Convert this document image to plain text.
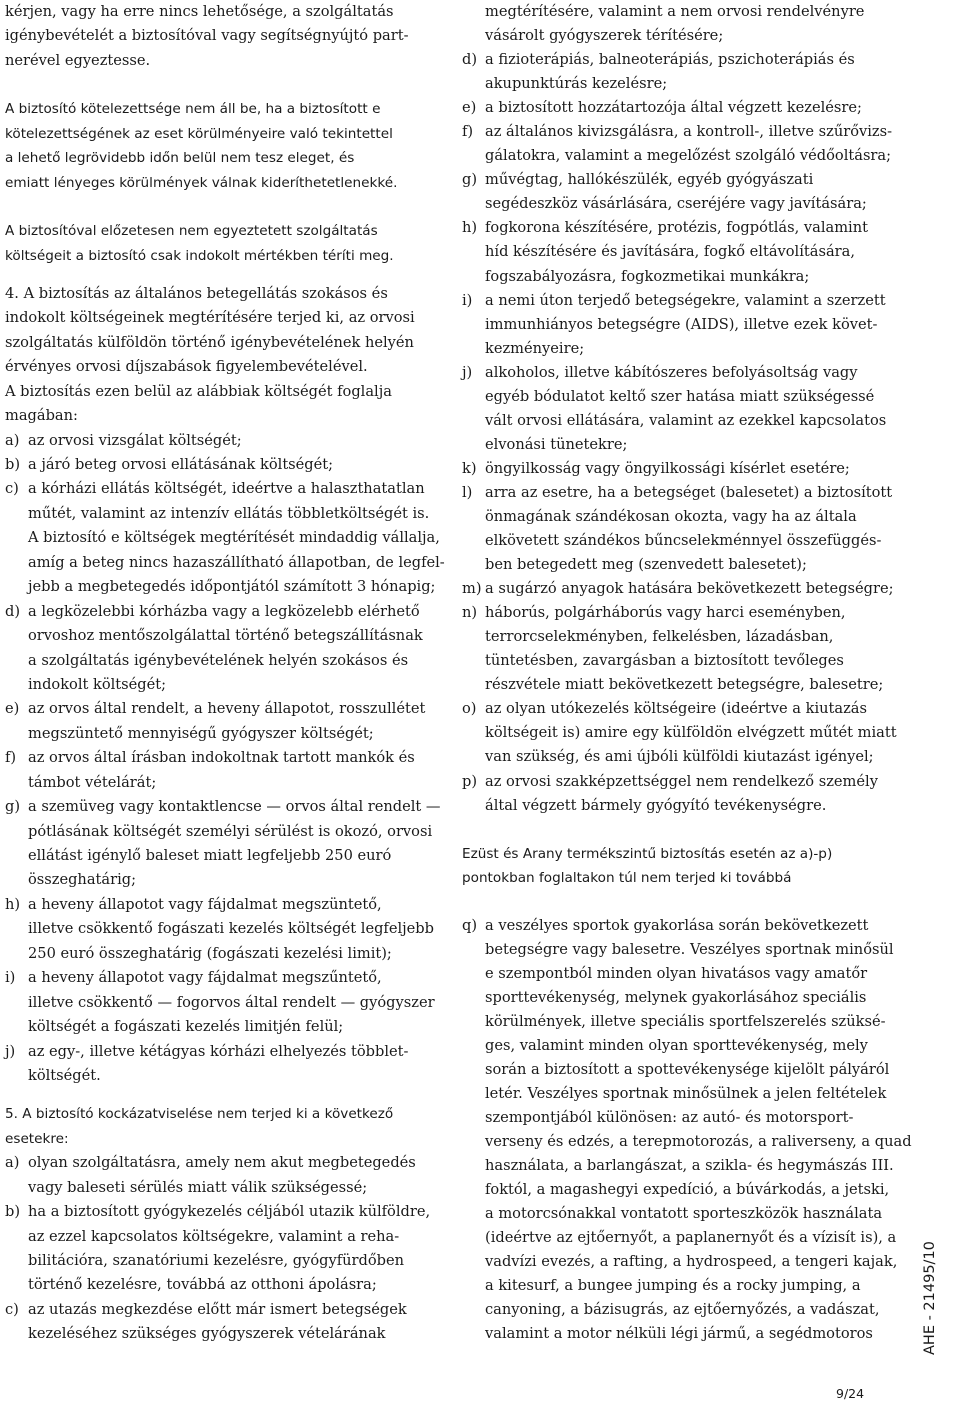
kérjen, vagy ha erre nincs lehetősége, a szolgáltatás
igénybevételét a biztosítóval vagy segítségnyújtó part-
nerével egyeztesse.
A biztosító kötelezettsége nem áll be, ha a biztosított e
kötelezettségének az eset körülményeire való tekintettel
a lehető legrövidebb időn belül nem tesz eleget, és
emiatt lényeges körülmények válnak kideríthetetlenekké.
A biztosítóval előzetesen nem egyeztetett szolgáltatás
költségeit a biztosító csak indokolt mértékben téríti meg.
4. A biztosítás az általános betegellátás szokásos és
indokolt költségeinek megtérítésére terjed ki, az orvosi
szolgáltatás külföldön történő igénybevételének helyén
érvényes orvosi díjszabások figyelembevételével.
A biztosítás ezen belül az alábbiak költségét foglalja
magában:
a) az orvosi vizsgálat költségét;
b) a járó beteg orvosi ellátásának költségét;
c) a kórházi ellátás költségét, ideértve a halaszthatatlan
műtét, valamint az intenzív ellátás többletköltségét is.
A biztosító e költségek megtérítését mindaddig vállalja,
amíg a beteg nincs hazaszállítható állapotban, de legfel-
jebb a megbetegedés időpontjától számított 3 hónapig;
d) a legközelebbi kórházba vagy a legközelebb elérhető
orvoshoz mentőszolgálattal történő betegszállításnak
a szolgáltatás igénybevételének helyén szokásos és
indokolt költségét;
e) az orvos által rendelt, a heveny állapotot, rosszullétet
megszüntető mennyiségű gyógyszer költségét;
f) az orvos által írásban indokoltnak tartott mankók és
támbot vételárát;
g) a szemüveg vagy kontaktlencse — orvos által rendelt —
pótlásának költségét személyi sérülést is okozó, orvosi
ellátást igénylő baleset miatt legfeljebb 250 euró
összeghatárig;
h) a heveny állapotot vagy fájdalmat megszüntető,
illetve csökkentő fogászati kezelés költségét legfeljebb
250 euró összeghatárig (fogászati kezelési limit);
i) a heveny állapotot vagy fájdalmat megszűntető,
illetve csökkentő — fogorvos által rendelt — gyógyszer
költségét a fogászati kezelés limitjén felül;
j) az egy-, illetve kétágyas kórházi elhelyezés többlet-
költségét.
5. A biztosító kockázatviselése nem terjed ki a következő
esetekre:
a) olyan szolgáltatásra, amely nem akut megbetegedés
vagy baleseti sérülés miatt válik szükségessé;
b) ha a biztosított gyógykezelés céljából utazik külföldre,
az ezzel kapcsolatos költségekre, valamint a reha-
bilitációra, szanatóriumi kezelésre, gyógyfürdőben
történő kezelésre, továbbá az otthoni ápolásra;
c) az utazás megkezdése előtt már ismert betegségek
kezeléséhez szükséges gyógyszerek vételárának
megtérítésére, valamint a nem orvosi rendelvényre
vásárolt gyógyszerek térítésére;
d) a fizioterápiás, balneoterápiás, pszichoterápiás és
akupunktúrás kezelésre;
e) a biztosított hozzátartozója által végzett kezelésre;
f) az általános kivizsgálásra, a kontroll-, illetve szűrővizs-
gálatokra, valamint a megelőzést szolgáló védőoltásra;
g) művégtag, hallókészülék, egyéb gyógyászati
segédeszköz vásárlására, cseréjére vagy javítására;
h) fogkorona készítésére, protézis, fogpótlás, valamint
híd készítésére és javítására, fogkő eltávolítására,
fogszabályozásra, fogkozmetikai munkákra;
i) a nemi úton terjedő betegségekre, valamint a szerzett
immunhiányos betegségre (AIDS), illetve ezek követ-
kezményeire;
j) alkoholos, illetve kábítószeres befolyásoltság vagy
egyéb bódulatot keltő szer hatása miatt szükségessé
vált orvosi ellátására, valamint az ezekkel kapcsolatos
elvonási tünetekre;
k) öngyilkosság vagy öngyilkossági kísérlet esetére;
l) arra az esetre, ha a betegséget (balesetet) a biztosított
önmagának szándékosan okozta, vagy ha az általa
elkövetett szándékos bűncselekménnyel összefüggés-
ben betegedett meg (szenvedett balesetet);
m) a sugárzó anyagok hatására bekövetkezett betegségre;
n) háborús, polgárháborús vagy harci eseményben,
terrorcselekményben, felkelésben, lázadásban,
tüntetésben, zavargásban a biztosított tevőleges
részvétele miatt bekövetkezett betegségre, balesetre;
o) az olyan utókezelés költségeire (ideértve a kiutazás
költségeit is) amire egy külföldön elvégzett műtét miatt
van szükség, és ami újbóli külföldi kiutazást igényel;
p) az orvosi szakképzettséggel nem rendelkező személy
által végzett bármely gyógyító tevékenységre.
Ezüst és Arany termékszintű biztosítás esetén az a)-p)
pontokban foglaltakon túl nem terjed ki továbbá
q) a veszélyes sportok gyakorlása során bekövetkezett
betegségre vagy balesetre. Veszélyes sportnak minősül
e szempontból minden olyan hivatásos vagy amatőr
sporttevékenység, melynek gyakorlásához speciális
körülmények, illetve speciális sportfelszerelés szüksé-
ges, valamint minden olyan sporttevékenység, mely
során a biztosított a spottevékenysége kijelölt pályáról
letér. Veszélyes sportnak minősülnek a jelen feltételek
szempontjából különösen: az autó- és motorsport-
verseny és edzés, a terepmotorozás, a raliverseny, a quad
használata, a barlangászat, a szikla- és hegymászás III.
foktól, a magashegyi expedíció, a búvárkodás, a jetski,
a motorcsónakkal vontatott sporteszközök használata
(ideértve az ejtőernyőt, a paplanernyőt és a vízisít is), a
vadvízi evezés, a rafting, a hydrospeed, a tengeri kajak,
a kitesurf, a bungee jumping és a rocky jumping, a
canyoning, a bázisugrás, az ejtőernyőzés, a vadászat,
valamint a motor nélküli légi jármű, a segédmotoros	AHE - 21495/10
9/24
